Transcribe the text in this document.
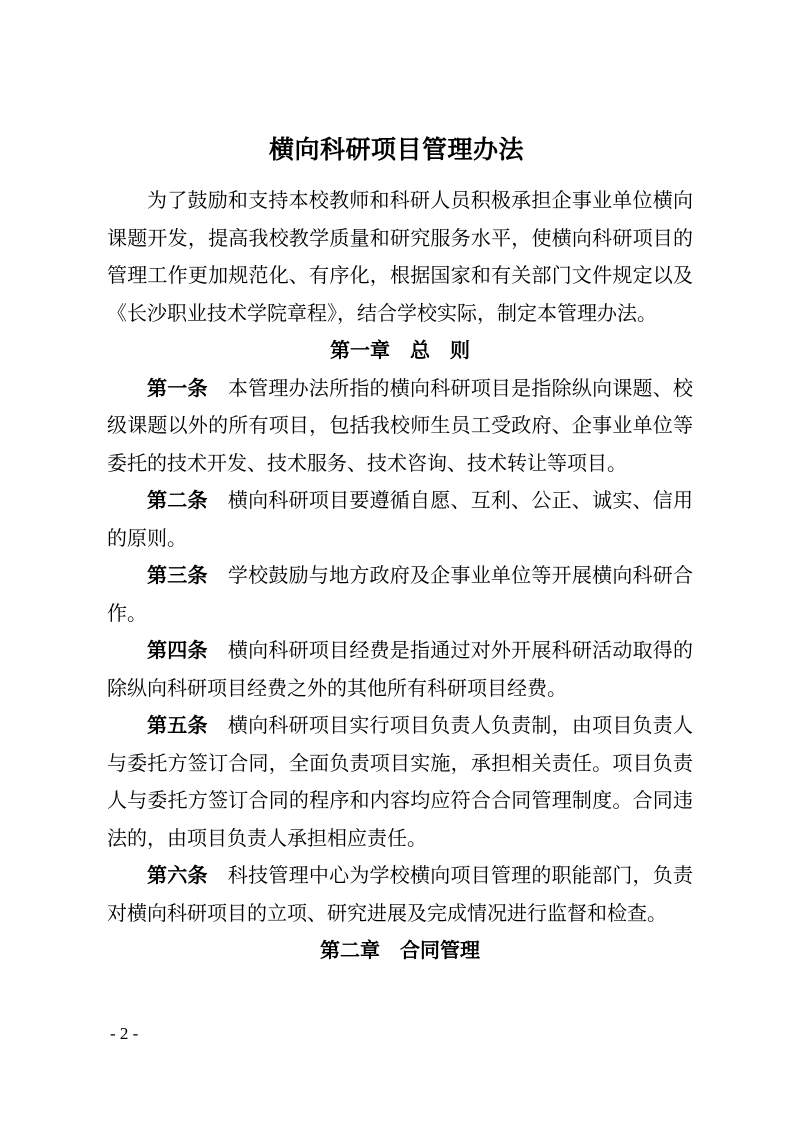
横向科研项目管理办法

为了鼓励和支持本校教师和科研人员积极承担企事业单位横向课题开发，提高我校教学质量和研究服务水平，使横向科研项目的管理工作更加规范化、有序化，根据国家和有关部门文件规定以及《长沙职业技术学院章程》，结合学校实际，制定本管理办法。

第一章 总　则

第一条 本管理办法所指的横向科研项目是指除纵向课题、校级课题以外的所有项目，包括我校师生员工受政府、企事业单位等委托的技术开发、技术服务、技术咨询、技术转让等项目。

第二条 横向科研项目要遵循自愿、互利、公正、诚实、信用的原则。

第三条 学校鼓励与地方政府及企事业单位等开展横向科研合作。

第四条 横向科研项目经费是指通过对外开展科研活动取得的除纵向科研项目经费之外的其他所有科研项目经费。

第五条 横向科研项目实行项目负责人负责制，由项目负责人与委托方签订合同，全面负责项目实施，承担相关责任。项目负责人与委托方签订合同的程序和内容均应符合合同管理制度。合同违法的，由项目负责人承担相应责任。

第六条 科技管理中心为学校横向项目管理的职能部门，负责对横向科研项目的立项、研究进展及完成情况进行监督和检查。

第二章 合同管理

- 2 -
